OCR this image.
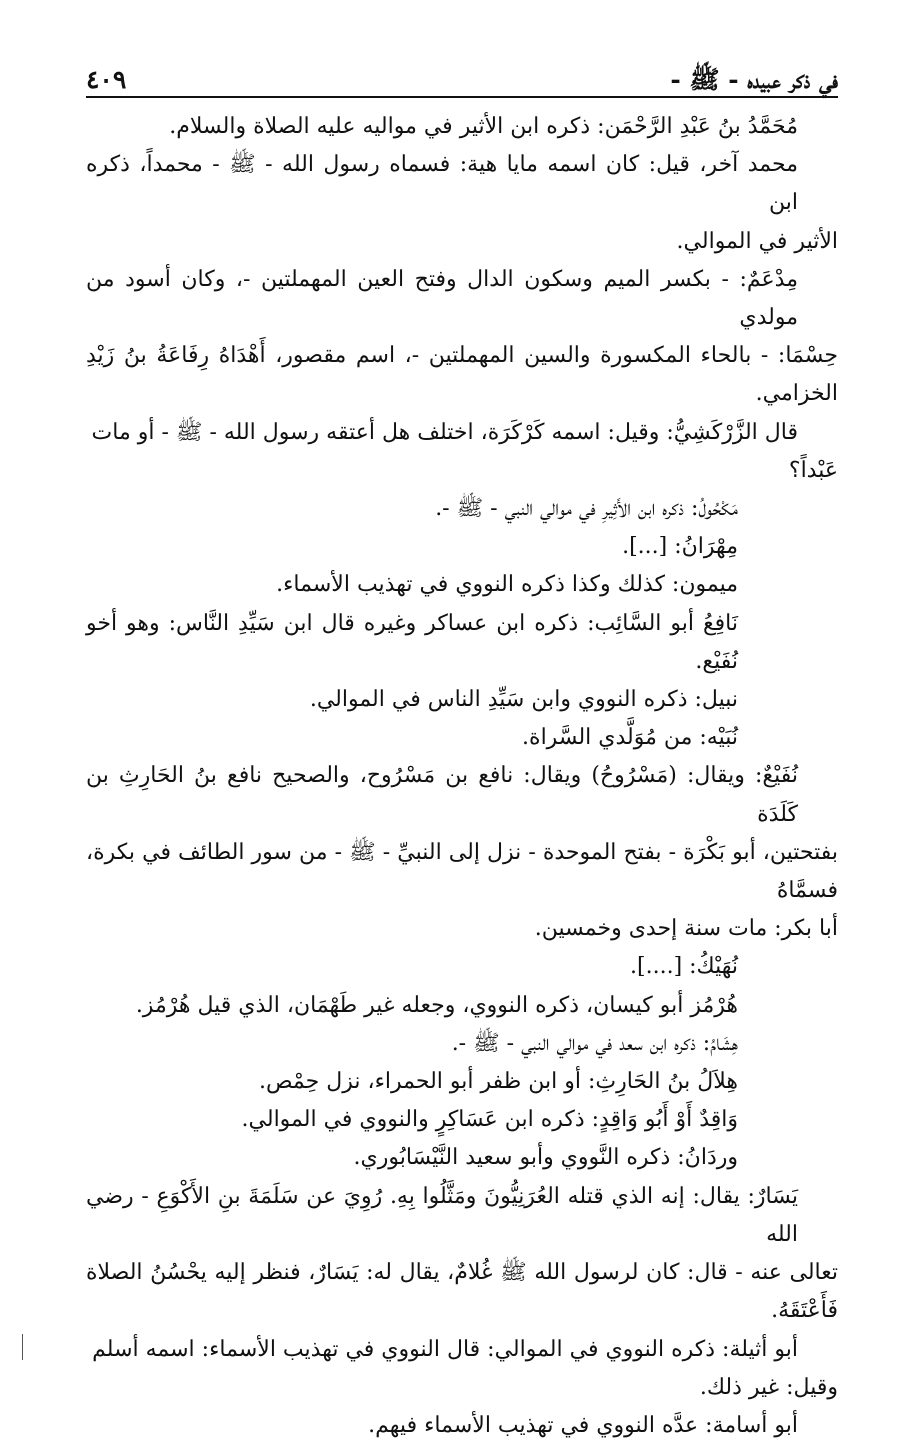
في ذكر عبيده - ﷺ -
٤٠٩

مُحَمَّدُ بنُ عَبْدِ الرَّحْمَن: ذكره ابن الأثير في مواليه عليه الصلاة والسلام.

محمد آخر، قيل: كان اسمه مايا هية: فسماه رسول الله - ﷺ - محمداً، ذكره ابن

الأثير في الموالي.

مِدْعَمٌ: - بكسر الميم وسكون الدال وفتح العين المهملتين -، وكان أسود من مولدي

حِسْمَا: - بالحاء المكسورة والسين المهملتين -، اسم مقصور، أَهْدَاهُ رِفَاعَةُ بنُ زَيْدِ الخزامي.

قال الزَّرْكَشِيُّ: وقيل: اسمه كَرْكَرَة، اختلف هل أعتقه رسول الله - ﷺ - أو مات

عَبْداً؟

مَكْحُولُ: ذكره ابن الأَثِيرِ في موالي النبي - ﷺ -.

مِهْرَانُ: [...].

ميمون: كذلك وكذا ذكره النووي في تهذيب الأسماء.

نَافِعُ أبو السَّائِب: ذكره ابن عساكر وغيره قال ابن سَيِّدِ النَّاس: وهو أخو نُفَيْع.

نبيل: ذكره النووي وابن سَيِّدِ الناس في الموالي.

نُبَيْه: من مُوَلَّدي السَّراة.

نُفَيْعٌ: ويقال: (مَسْرُوحُ) ويقال: نافع بن مَسْرُوح، والصحيح نافع بنُ الحَارِثِ بن كَلَدَة

بفتحتين، أبو بَكْرَة - بفتح الموحدة - نزل إلى النبيِّ - ﷺ - من سور الطائف في بكرة، فسمَّاهُ

أبا بكر: مات سنة إحدى وخمسين.

نُهَيْكُ: [....].

هُرْمُز أبو كيسان، ذكره النووي، وجعله غير طَهْمَان، الذي قيل هُرْمُز.

هِشَامُ: ذكره ابن سعد في موالي النبي - ﷺ -.

هِلاَلُ بنُ الحَارِثِ: أو ابن ظفر أبو الحمراء، نزل حِمْص.

وَاقِدٌ أَوْ أَبُو وَاقِدٍ: ذكره ابن عَسَاكِرٍ والنووي في الموالي.

وردَانُ: ذكره النَّووي وأبو سعيد النَّيْسَابُوري.

يَسَارٌ: يقال: إنه الذي قتله العُرَنِيُّونَ ومَثَّلُوا بِهِ. رُوِيَ عن سَلَمَةَ بنِ الأَكْوَعِ - رضي الله

تعالى عنه - قال: كان لرسول الله ﷺ غُلامٌ، يقال له: يَسَارٌ، فنظر إليه يحْسُنُ الصلاة فَأَعْتَقَهُ.

أبو أثيلة: ذكره النووي في الموالي: قال النووي في تهذيب الأسماء: اسمه أسلم

وقيل: غير ذلك.

أبو أسامة: عدَّه النووي في تهذيب الأسماء فيهم.
